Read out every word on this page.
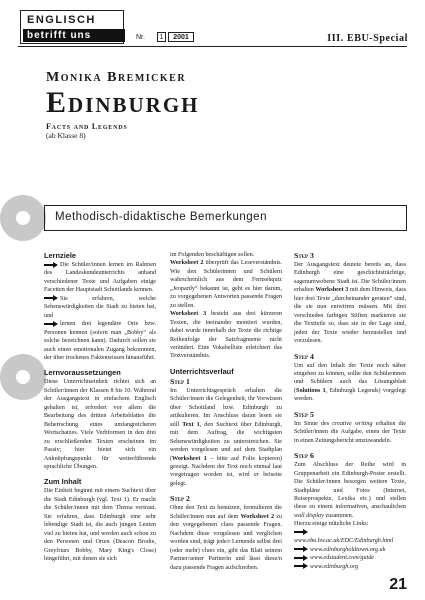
ENGLISCH
betrifft uns	Nr.	1	2001	III. EBU-Special
Monika Bremicker
Edinburgh
Facts and Legends
(ab Klasse 8)
Methodisch-didaktische Bemerkungen
Lernziele

Die Schüler/innen lernen im Rahmen des Landeskundeunterrichts anhand verschiedener Texte und Aufgaben einige Facetten der Hauptstadt Schottlands kennen.

Sie erfahren, welche Sehenswürdigkeiten die Stadt zu bieten hat, und

lernen drei legendäre Orte bzw. Personen kennen (sofern man „Bobby“ als solche bezeichnen kann). Dadurch sollen sie auch einen emotionalen Zugang bekommen, der über trockenes Faktenwissen hinausführt.

Lernvoraussetzungen

Diese Unterrichtseinheit richtet sich an Schüler/innen der Klassen 8 bis 10. Während der Ausgangstext in einfachem Englisch gehalten ist, erfordert vor allem die Bearbeitung des dritten Arbeitsblattes die Beherrschung eines umfangreicheren Wortschatzes. Viele Verbformen in den drei zu erschließenden Texten erscheinen im Passiv; hier bietet sich ein Anknüpfungspunkt für weiterführende sprachliche Übungen.

Zum Inhalt

Die Einheit beginnt mit einem Suchtext über die Stadt Edinburgh (vgl. Text 1). Er macht die Schüler/innen mit dem Thema vertraut. Sie erfahren, dass Edinburgh eine sehr lebendige Stadt ist, die auch jungen Leuten viel zu bieten hat, und werden auch schon zu den Personen und Orten (Deacon Brodie, Greyfriars Bobby, Mary King's Close) hingeführt, mit denen sie sich

im Folgenden beschäftigen sollen.

Worksheet 2 überprüft das Leseverständnis. Wie den Schülerinnen und Schülern wahrscheinlich aus dem Fernsehquiz „Jeopardy“ bekannt ist, geht es hier darum, zu vorgegebenen Antworten passende Fragen zu stellen.

Worksheet 3 besteht aus drei kürzeren Texten, die ineinander montiert wurden, dabei wurde innerhalb der Texte die richtige Reihenfolge der Satzfragmente nicht verändert. Eine Vokabelliste erleichtert das Textverständnis.

Unterrichtsverlauf
Step 1

Im Unterrichtsgespräch erhalten die Schüler/innen die Gelegenheit, ihr Vorwissen über Schottland bzw. Edinburgh zu artikulieren. Im Anschluss daran lesen sie still Text 1, den Suchtext über Edinburgh, mit dem Auftrag, die wichtigsten Sehenswürdigkeiten zu unterstreichen. Sie werden vorgelesen und auf dem Stadtplan (Worksheet 1 – bitte auf Folie kopieren) gezeigt. Nachdem der Text noch einmal laut vorgetragen worden ist, wird er beiseite gelegt.

Step 2

Ohne den Text zu benutzen, formulieren die Schüler/innen nun auf dem Worksheet 2 zu den vorgegebenen clues passende Fragen. Nachdem diese vorgelesen und verglichen worden sind, trägt jede/r Lernende selbst drei (oder mehr) clues ein, gibt das Blatt seinem Partner/seiner Partnerin und lässt diese/n dazu passende Fragen aufschreiben.

Step 3

Der Ausgangstext deutete bereits an, dass Edinburgh eine geschichtsträchtige, sagenumwobene Stadt ist. Die Schüler/innen erhalten Worksheet 3 mit dem Hinweis, dass hier drei Texte „durcheinander geraten“ sind, die sie nun entwirren müssen. Mit drei verschieden farbigen Stiften markieren sie die Textteile so, dass sie in der Lage sind, jeden der Texte wieder herzustellen und vorzulesen.

Step 4

Um auf den Inhalt der Texte noch näher eingehen zu können, sollte den Schülerinnen und Schülern auch das Lösungsblatt (Solutions 1, Edinburgh Legends) vorgelegt werden.

Step 5

Im Sinne des creative writing erhalten die Schüler/innen die Aufgabe, einen der Texte in einen Zeitungsbericht umzuwandeln.

Step 6

Zum Abschluss der Reihe wird in Gruppenarbeit ein Edinburgh-Poster erstellt. Die Schüler/innen besorgen weitere Texte, Stadtpläne und Fotos (Internet, Reiseprospekte, Lexika etc.) und stellen diese zu einem informativen, anschaulichen wall display zusammen.

Hierzu einige nützliche Links:

www.ebu.hw.ac.uk/EDC/Edinburgh.html

www.edinburgholdtown.org.uk

www.edstudent.com/guide

www.edinburgh.org

21
